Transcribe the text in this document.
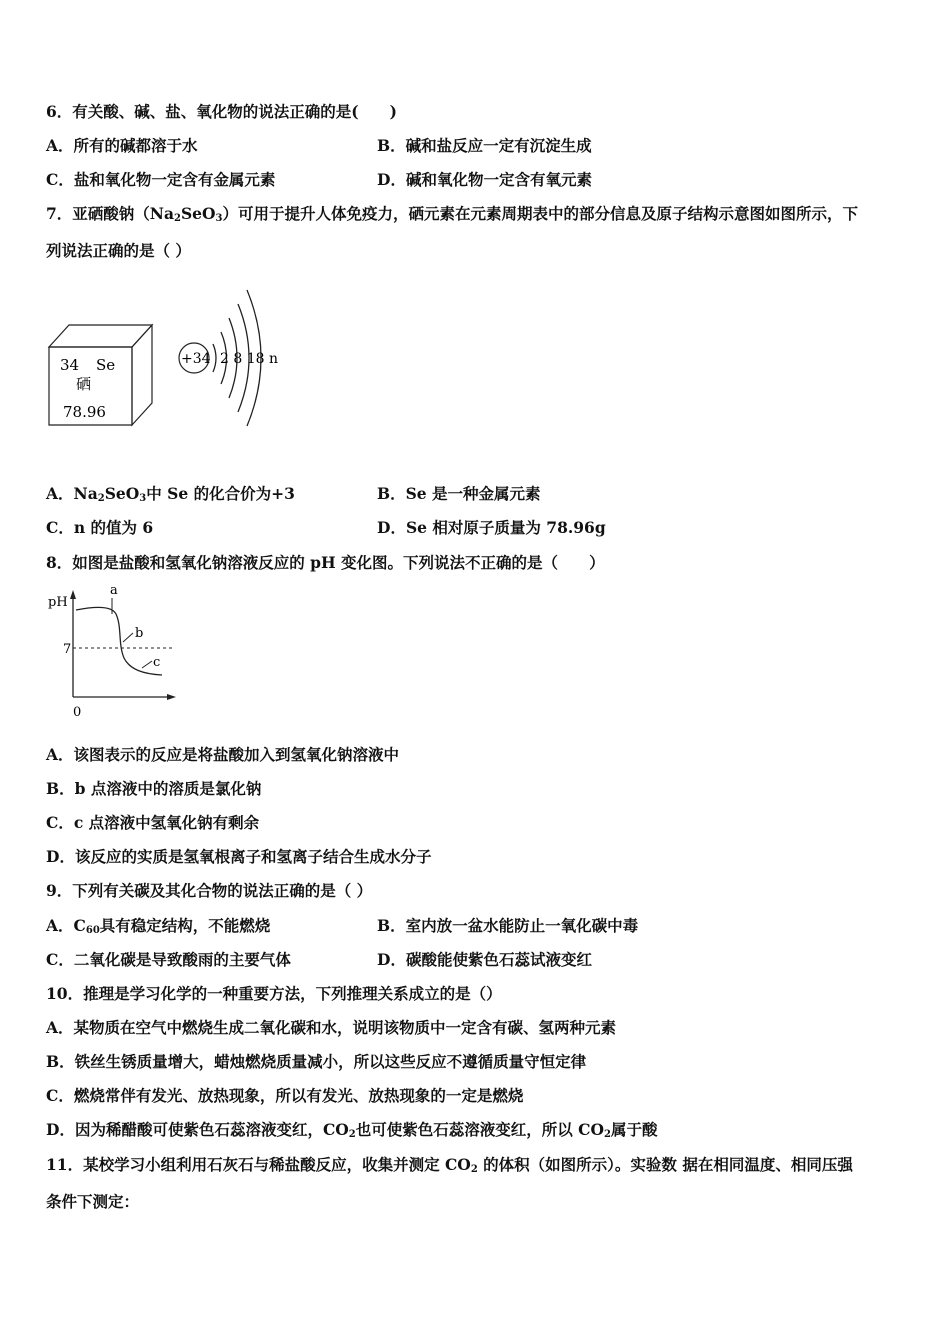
6．有关酸、碱、盐、氧化物的说法正确的是(　　)
A．所有的碱都溶于水	B．碱和盐反应一定有沉淀生成
C．盐和氧化物一定含有金属元素	D．碱和氧化物一定含有氧元素
7．亚硒酸钠$(Na_2SeO_3)$可用于提升人体免疫力，硒元素在元素周期表中的部分信息及原子结构示意图如图所示，下
列说法正确的是（ ）
34 Se
硒
78.96
+34 2 8 18 n
A．$Na_2SeO_3$中 Se 的化合价为+3	B．Se 是一种金属元素
C．n 的值为 6	D．Se 相对原子质量为 78.96g
8．如图是盐酸和氢氧化钠溶液反应的 pH 变化图。下列说法不正确的是（　　）
pH
7
0
a
b
c
A．该图表示的反应是将盐酸加入到氢氧化钠溶液中
B．b 点溶液中的溶质是氯化钠
C．c 点溶液中氢氧化钠有剩余
D．该反应的实质是氢氧根离子和氢离子结合生成水分子
9．下列有关碳及其化合物的说法正确的是（ ）
A．$C_{60}$具有稳定结构，不能燃烧	B．室内放一盆水能防止一氧化碳中毒
C．二氧化碳是导致酸雨的主要气体	D．碳酸能使紫色石蕊试液变红
10．推理是学习化学的一种重要方法，下列推理关系成立的是（）
A．某物质在空气中燃烧生成二氧化碳和水，说明该物质中一定含有碳、氢两种元素
B．铁丝生锈质量增大，蜡烛燃烧质量减小，所以这些反应不遵循质量守恒定律
C．燃烧常伴有发光、放热现象，所以有发光、放热现象的一定是燃烧
D．因为稀醋酸可使紫色石蕊溶液变红，$CO_2$也可使紫色石蕊溶液变红，所以 $CO_2$属于酸
11．某校学习小组利用石灰石与稀盐酸反应，收集并测定 $CO_2$ 的体积（如图所示）。实验数 据在相同温度、相同压强
条件下测定：
